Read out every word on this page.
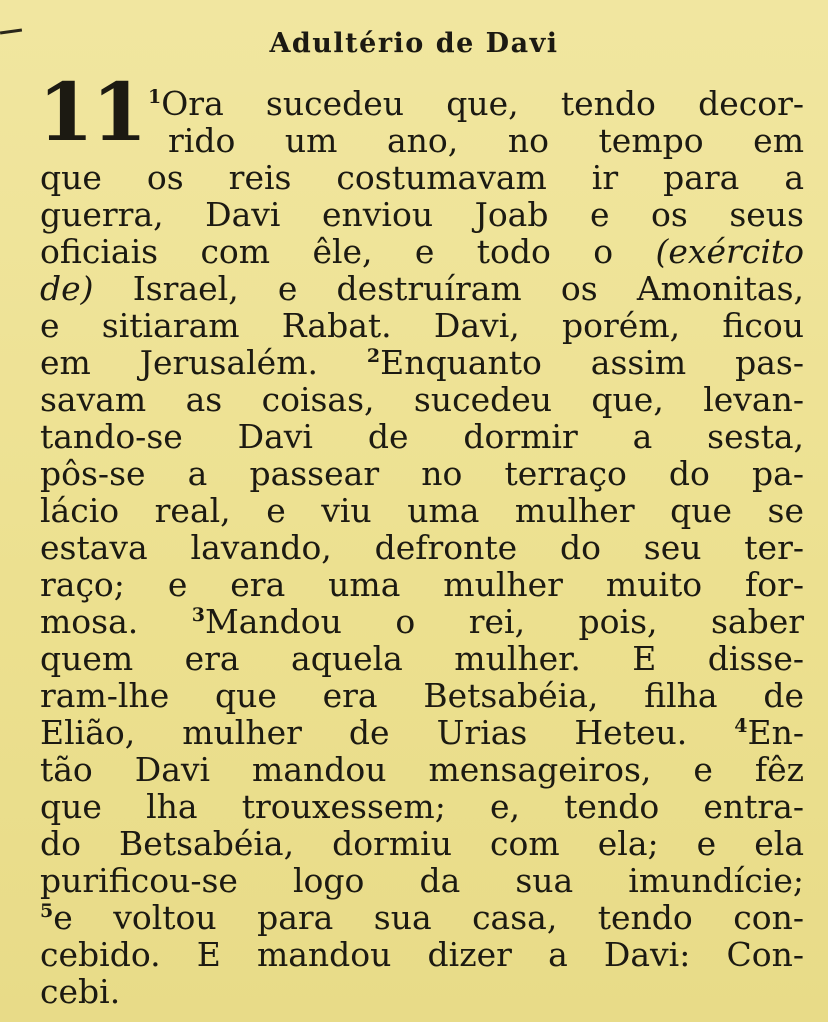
Adultério de Davi
11 $^1$Ora sucedeu que, tendo decor-
rido um ano, no tempo em
que os reis costumavam ir para a
guerra, Davi enviou Joab e os seus
oficiais com êle, e todo o (exército
de) Israel, e destruíram os Amonitas,
e sitiaram Rabat. Davi, porém, ficou
em Jerusalém. $^2$Enquanto assim pas-
savam as coisas, sucedeu que, levan-
tando-se Davi de dormir a sesta,
pôs-se a passear no terraço do pa-
lácio real, e viu uma mulher que se
estava lavando, defronte do seu ter-
raço; e era uma mulher muito for-
mosa. $^3$Mandou o rei, pois, saber
quem era aquela mulher. E disse-
ram-lhe que era Betsabéia, filha de
Elião, mulher de Urias Heteu. $^4$En-
tão Davi mandou mensageiros, e fêz
que lha trouxessem; e, tendo entra-
do Betsabéia, dormiu com ela; e ela
purificou-se logo da sua imundície;
$^5$e voltou para sua casa, tendo con-
cebido. E mandou dizer a Davi: Con-
cebi.
